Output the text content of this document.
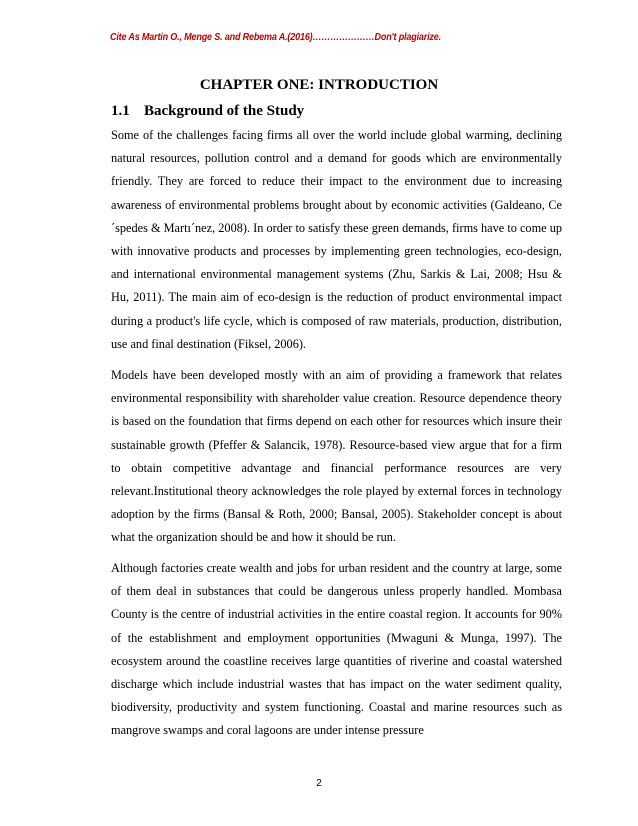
Cite As Martin O., Menge S. and Rebema A.(2016)…………………Don't plagiarize.
CHAPTER ONE: INTRODUCTION
1.1 Background of the Study

Some of the challenges facing firms all over the world include global warming, declining natural resources, pollution control and a demand for goods which are environmentally friendly. They are forced to reduce their impact to the environment due to increasing awareness of environmental problems brought about by economic activities (Galdeano, Ce´spedes & Martı´nez, 2008). In order to satisfy these green demands, firms have to come up with innovative products and processes by implementing green technologies, eco-design, and international environmental management systems (Zhu, Sarkis & Lai, 2008; Hsu & Hu, 2011). The main aim of eco-design is the reduction of product environmental impact during a product's life cycle, which is composed of raw materials, production, distribution, use and final destination (Fiksel, 2006).

Models have been developed mostly with an aim of providing a framework that relates environmental responsibility with shareholder value creation. Resource dependence theory is based on the foundation that firms depend on each other for resources which insure their sustainable growth (Pfeffer & Salancik, 1978). Resource-based view argue that for a firm to obtain competitive advantage and financial performance resources are very relevant.Institutional theory acknowledges the role played by external forces in technology adoption by the firms (Bansal & Roth, 2000; Bansal, 2005). Stakeholder concept is about what the organization should be and how it should be run.

Although factories create wealth and jobs for urban resident and the country at large, some of them deal in substances that could be dangerous unless properly handled. Mombasa County is the centre of industrial activities in the entire coastal region. It accounts for 90% of the establishment and employment opportunities (Mwaguni & Munga, 1997). The ecosystem around the coastline receives large quantities of riverine and coastal watershed discharge which include industrial wastes that has impact on the water sediment quality, biodiversity, productivity and system functioning. Coastal and marine resources such as mangrove swamps and coral lagoons are under intense pressure

2
